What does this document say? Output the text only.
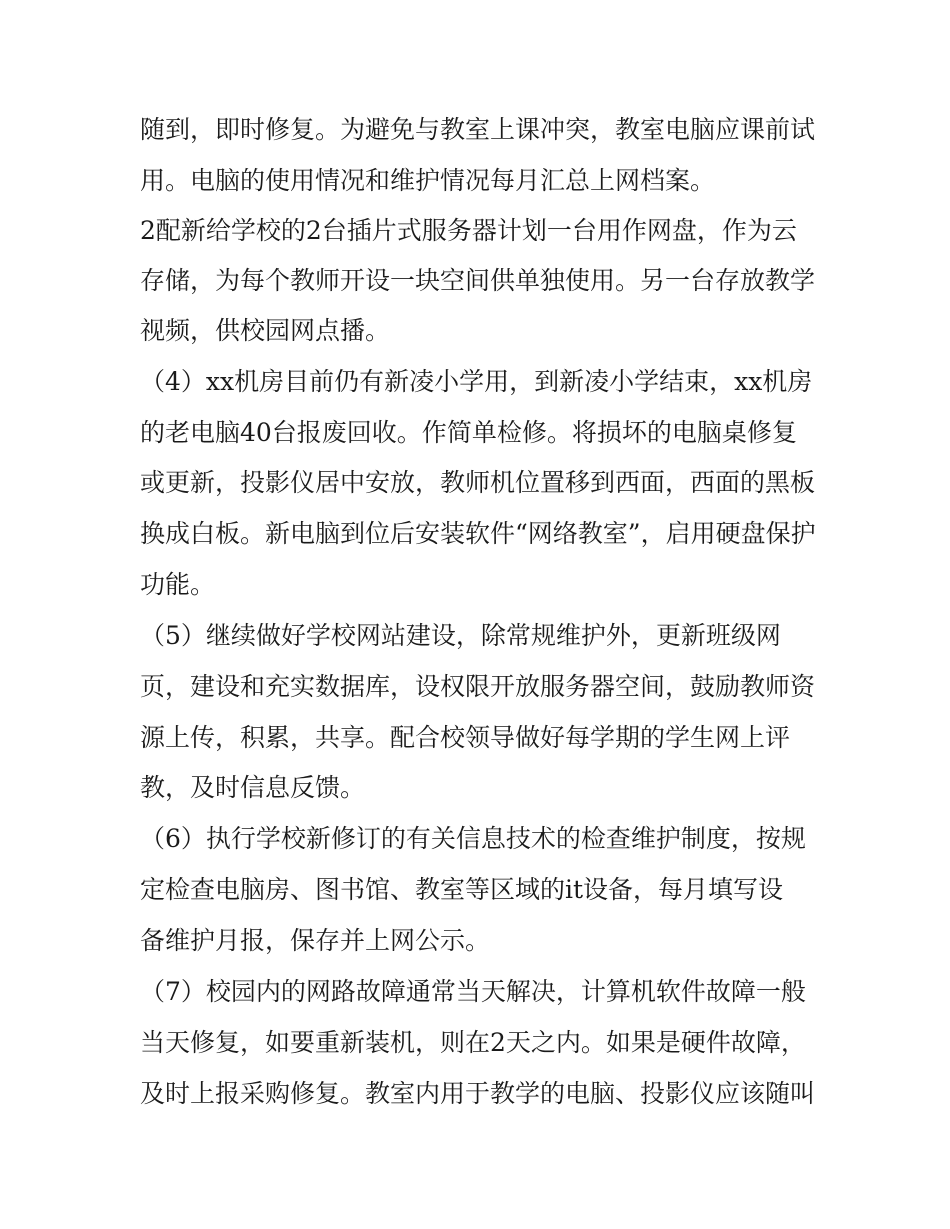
随到，即时修复。为避免与教室上课冲突，教室电脑应课前试

用。电脑的使用情况和维护情况每月汇总上网档案。

2配新给学校的2台插片式服务器计划一台用作网盘，作为云

存储，为每个教师开设一块空间供单独使用。另一台存放教学

视频，供校园网点播。

（4）xx机房目前仍有新凌小学用，到新凌小学结束，xx机房

的老电脑40台报废回收。作简单检修。将损坏的电脑桌修复

或更新，投影仪居中安放，教师机位置移到西面，西面的黑板

换成白板。新电脑到位后安装软件“网络教室”，启用硬盘保护

功能。

（5）继续做好学校网站建设，除常规维护外，更新班级网

页，建设和充实数据库，设权限开放服务器空间，鼓励教师资

源上传，积累，共享。配合校领导做好每学期的学生网上评

教，及时信息反馈。

（6）执行学校新修订的有关信息技术的检查维护制度，按规

定检查电脑房、图书馆、教室等区域的it设备，每月填写设

备维护月报，保存并上网公示。

（7）校园内的网路故障通常当天解决，计算机软件故障一般

当天修复，如要重新装机，则在2天之内。如果是硬件故障，

及时上报采购修复。教室内用于教学的电脑、投影仪应该随叫
